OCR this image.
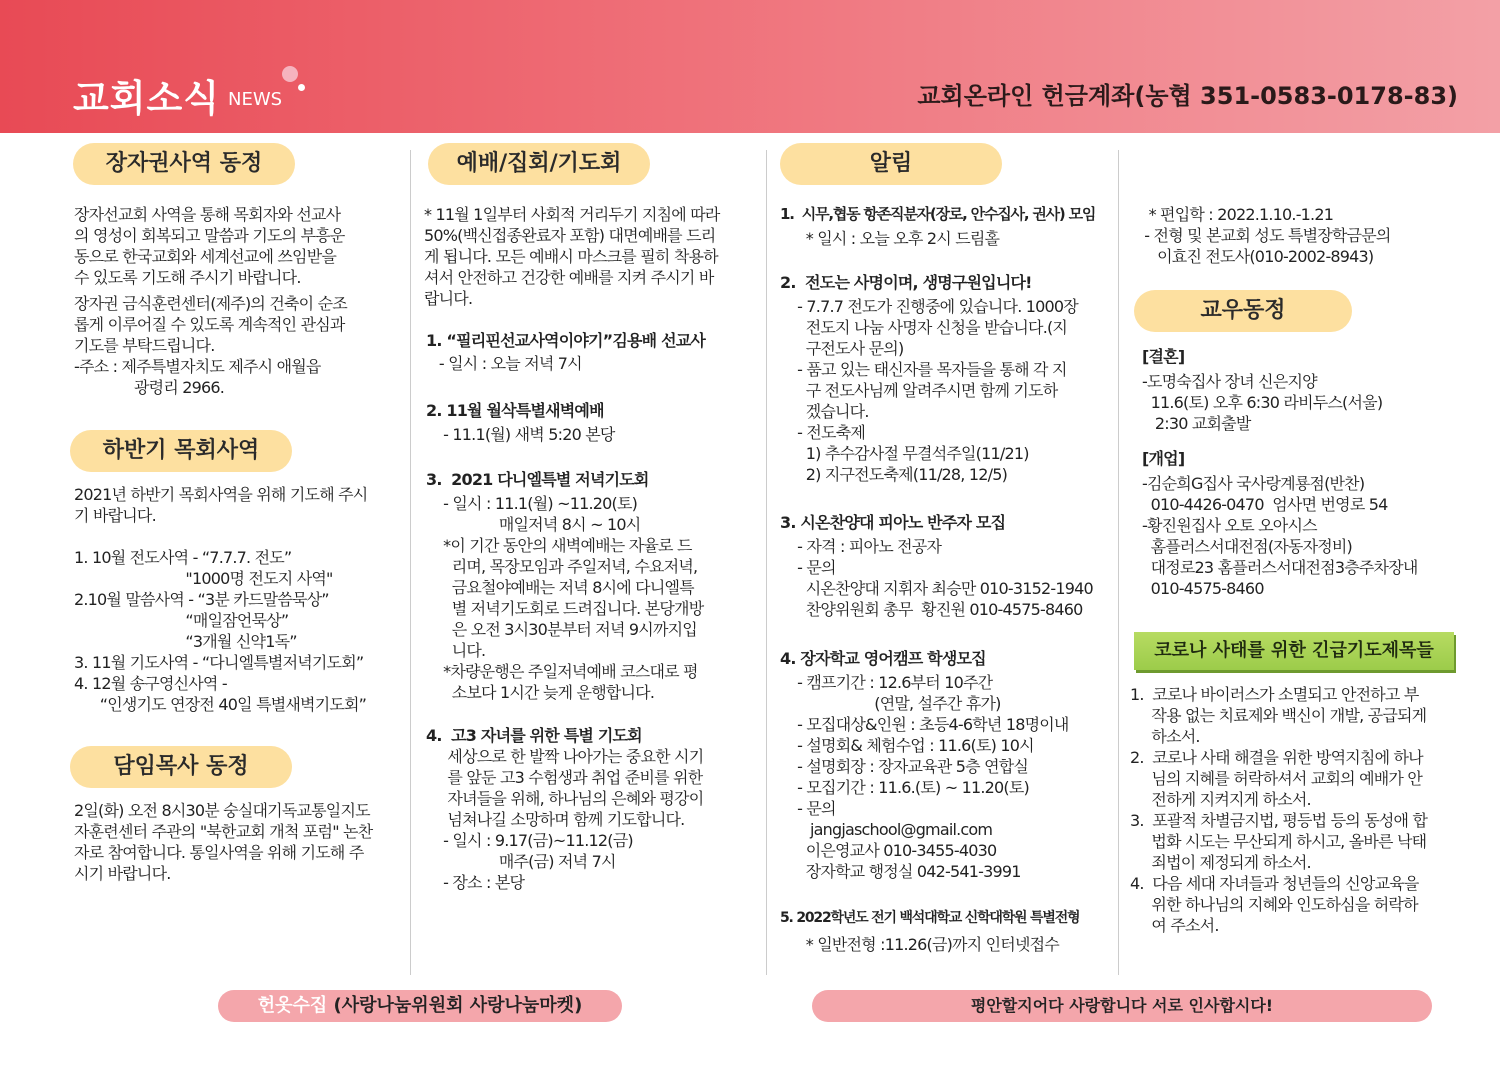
교회소식 NEWS	교회온라인 헌금계좌(농협 351-0583-0178-83)
장자권사역 동정
장자선교회 사역을 통해 목회자와 선교사
의 영성이 회복되고 말씀과 기도의 부흥운
동으로 한국교회와 세계선교에 쓰임받을
수 있도록 기도해 주시기 바랍니다.
장자권 금식훈련센터(제주)의 건축이 순조
롭게 이루어질 수 있도록 계속적인 관심과
기도를 부탁드립니다.
-주소 : 제주특별자치도 제주시 애월읍
광령리 2966.
하반기 목회사역
2021년 하반기 목회사역을 위해 기도해 주시
기 바랍니다.

1. 10월 전도사역 - “7.7.7. 전도”
"1000명 전도지 사역"
2.10월 말씀사역 - “3분 카드말씀묵상”
“매일잠언묵상”
“3개월 신약1독”
3. 11월 기도사역 - “다니엘특별저녁기도회”
4. 12월 송구영신사역 -
“인생기도 연장전 40일 특별새벽기도회”
담임목사 동정
2일(화) 오전 8시30분 숭실대기독교통일지도
자훈련센터 주관의 "북한교회 개척 포럼" 논찬
자로 참여합니다. 통일사역을 위해 기도해 주
시기 바랍니다.
예배/집회/기도회
* 11월 1일부터 사회적 거리두기 지침에 따라
50%(백신접종완료자 포함) 대면예배를 드리
게 됩니다. 모든 예배시 마스크를 필히 착용하
셔서 안전하고 건강한 예배를 지켜 주시기 바
랍니다.
1. “필리핀선교사역이야기”김용배 선교사
- 일시 : 오늘 저녁 7시
2. 11월 월삭특별새벽예배
- 11.1(월) 새벽 5:20 본당
3.  2021 다니엘특별 저녁기도회
- 일시 : 11.1(월) ~11.20(토)
매일저녁 8시 ~ 10시
*이 기간 동안의 새벽예배는 자율로 드
리며, 목장모임과 주일저녁, 수요저녁,
금요철야예배는 저녁 8시에 다니엘특
별 저녁기도회로 드려집니다. 본당개방
은 오전 3시30분부터 저녁 9시까지입
니다.
*차량운행은 주일저녁예배 코스대로 평
소보다 1시간 늦게 운행합니다.
4.  고3 자녀를 위한 특별 기도회
세상으로 한 발짝 나아가는 중요한 시기
를 앞둔 고3 수험생과 취업 준비를 위한
자녀들을 위해, 하나님의 은혜와 평강이
넘쳐나길 소망하며 함께 기도합니다.
- 일시 : 9.17(금)~11.12(금)
매주(금) 저녁 7시
- 장소 : 본당
알림
1.  시무,협동 항존직분자(장로, 안수집사, 권사) 모임
* 일시 : 오늘 오후 2시 드림홀
2.  전도는 사명이며, 생명구원입니다!
- 7.7.7 전도가 진행중에 있습니다. 1000장
전도지 나눔 사명자 신청을 받습니다.(지
구전도사 문의)
- 품고 있는 태신자를 목자들을 통해 각 지
구 전도사님께 알려주시면 함께 기도하
겠습니다.
- 전도축제
1) 추수감사절 무결석주일(11/21)
2) 지구전도축제(11/28, 12/5)
3. 시온찬양대 피아노 반주자 모집
- 자격 : 피아노 전공자
- 문의
시온찬양대 지휘자 최승만 010-3152-1940
찬양위원회 총무  황진원 010-4575-8460
4. 장자학교 영어캠프 학생모집
- 캠프기간 : 12.6부터 10주간
(연말, 설주간 휴가)
- 모집대상&인원 : 초등4-6학년 18명이내
- 설명회& 체험수업 : 11.6(토) 10시
- 설명회장 : 장자교육관 5층 연합실
- 모집기간 : 11.6.(토) ~ 11.20(토)
- 문의
jangjaschool@gmail.com
이은영교사 010-3455-4030
장자학교 행정실 042-541-3991
5. 2022학년도 전기 백석대학교 신학대학원 특별전형
* 일반전형 :11.26(금)까지 인터넷접수
* 편입학 : 2022.1.10.-1.21
- 전형 및 본교회 성도 특별장학금문의
이효진 전도사(010-2002-8943)
교우동정
[결혼]
-도명숙집사 장녀 신은지양
11.6(토) 오후 6:30 라비두스(서울)
2:30 교회출발
[개업]
-김순희G집사 국사랑계룡점(반찬)
010-4426-0470  엄사면 번영로 54
-황진원집사 오토 오아시스
홈플러스서대전점(자동자정비)
대정로23 홈플러스서대전점3층주차장내
010-4575-8460
코로나 사태를 위한 긴급기도제목들
1.  코로나 바이러스가 소멸되고 안전하고 부
작용 없는 치료제와 백신이 개발, 공급되게
하소서.
2.  코로나 사태 해결을 위한 방역지침에 하나
님의 지혜를 허락하셔서 교회의 예배가 안
전하게 지켜지게 하소서.
3.  포괄적 차별금지법, 평등법 등의 동성애 합
법화 시도는 무산되게 하시고, 올바른 낙태
죄법이 제정되게 하소서.
4.  다음 세대 자녀들과 청년들의 신앙교육을
위한 하나님의 지혜와 인도하심을 허락하
여 주소서.
헌옷수집 (사랑나눔위원회 사랑나눔마켓)	평안할지어다 사랑합니다 서로 인사합시다!
